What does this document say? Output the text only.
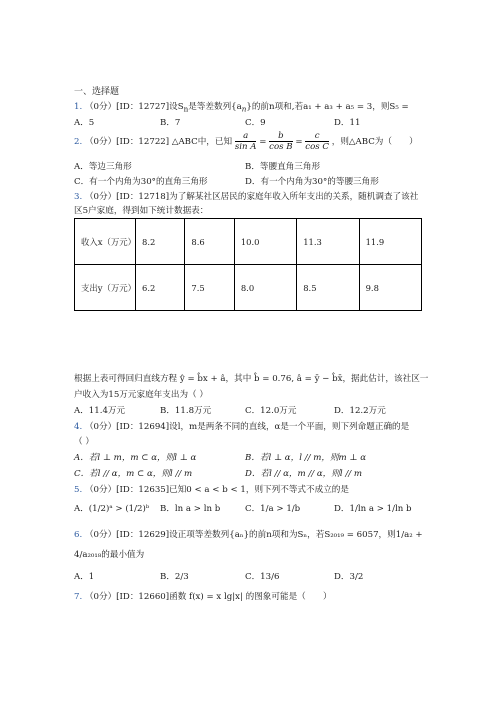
一、选择题
1. （0分）[ID：12727]设$S_n$是等差数列$\{a_n\}$的前n项和,若a₁ + a₃ + a₅ = 3，则S₅ =
A．5	B．7	C．9	D．11
2. （0分）[ID：12722] △ABC中，已知 $\frac{a}{\text{sin A}} = \frac{b}{\text{cos B}} = \frac{c}{\text{cos C}}$ ，则△ABC为（　　）
A．等边三角形	B．等腰直角三角形
C．有一个内角为30°的直角三角形	D．有一个内角为30°的等腰三角形
3. （0分）[ID：12718]为了解某社区居民的家庭年收入所年支出的关系，随机调查了该社
区5户家庭，得到如下统计数据表：
收入x（万元）	8.2	8.6	10.0	11.3	11.9
支出y（万元）	6.2	7.5	8.0	8.5	9.8
根据上表可得回归直线方程 ŷ = b̂x + â，其中 b̂ = 0.76, â = ȳ − b̂x̄，据此估计，该社区一
户收入为15万元家庭年支出为（ ）
A．11.4万元	B．11.8万元	C．12.0万元	D．12.2万元
4. （0分）[ID：12694]设l，m是两条不同的直线，α是一个平面，则下列命题正确的是
（ ）
A．若l ⊥ m，m ⊂ α，则l ⊥ α	B．若l ⊥ α，l // m，则m ⊥ α
C．若l // α，m ⊂ α，则l // m	D．若l // α，m // α，则l // m
5. （0分）[ID：12635]已知0 < a < b < 1，则下列不等式不成立的是
A．(1/2)ᵃ > (1/2)ᵇ B．ln a > ln b	C．1/a > 1/b	D．1/ln a > 1/ln b
6. （0分）[ID：12629]设正项等差数列{aₙ}的前n项和为Sₙ，若S₂₀₁₉ = 6057，则1/a₂ +
4/a₂₀₁₈的最小值为
A．1	B．2/3	C．13/6	D．3/2
7. （0分）[ID：12660]函数 f(x) = x lg|x| 的图象可能是（　　）
